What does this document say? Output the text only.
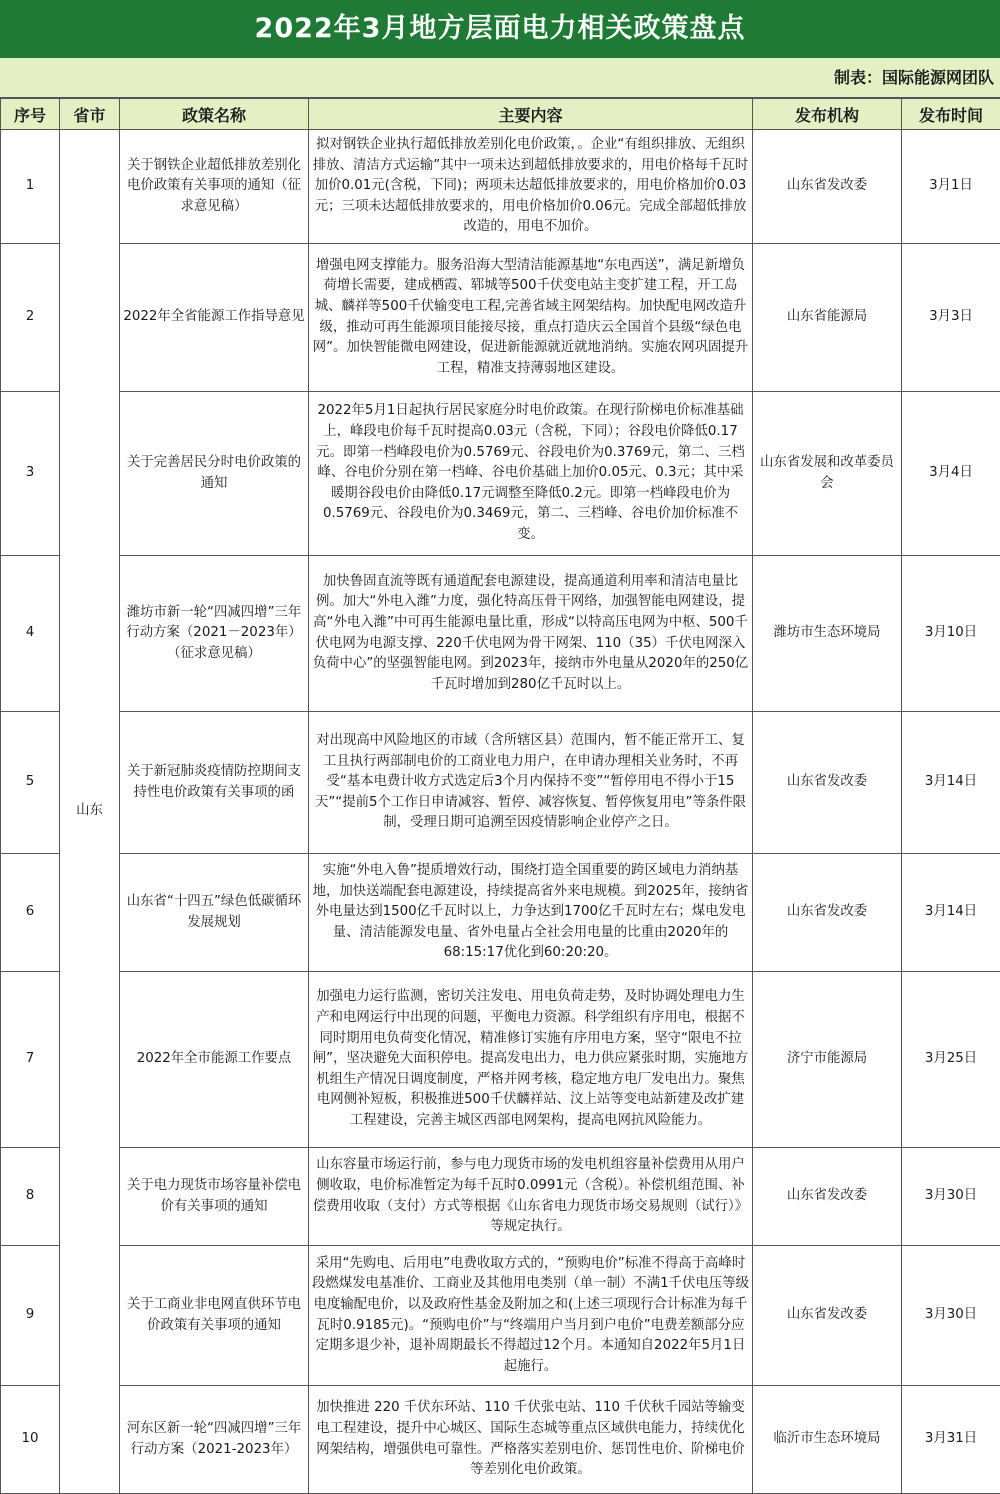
2022年3月地方层面电力相关政策盘点
制表：国际能源网团队
序号	省市	政策名称	主要内容	发布机构	发布时间
1	山东	关于钢铁企业超低排放差别化电价政策有关事项的通知（征求意见稿）	拟对钢铁企业执行超低排放差别化电价政策，。企业“有组织排放、无组织排放、清洁方式运输”其中一项未达到超低排放要求的，用电价格每千瓦时加价0.01元(含税，下同)；两项未达超低排放要求的，用电价格加价0.03元；三项未达超低排放要求的，用电价格加价0.06元。完成全部超低排放改造的，用电不加价。	山东省发改委	3月1日
2		2022年全省能源工作指导意见	增强电网支撑能力。服务沿海大型清洁能源基地“东电西送”，满足新增负荷增长需要，建成栖霞、郓城等500千伏变电站主变扩建工程，开工岛城、麟祥等500千伏输变电工程,完善省域主网架结构。加快配电网改造升级，推动可再生能源项目能接尽接，重点打造庆云全国首个县级“绿色电网”。加快智能微电网建设，促进新能源就近就地消纳。实施农网巩固提升工程，精准支持薄弱地区建设。	山东省能源局	3月3日
3		关于完善居民分时电价政策的通知	2022年5月1日起执行居民家庭分时电价政策。在现行阶梯电价标准基础上，峰段电价每千瓦时提高0.03元（含税，下同）；谷段电价降低0.17元。即第一档峰段电价为0.5769元、谷段电价为0.3769元，第二、三档峰、谷电价分别在第一档峰、谷电价基础上加价0.05元、0.3元；其中采暖期谷段电价由降低0.17元调整至降低0.2元。即第一档峰段电价为0.5769元、谷段电价为0.3469元，第二、三档峰、谷电价加价标准不变。	山东省发展和改革委员会	3月4日
4		潍坊市新一轮“四减四增”三年行动方案（2021－2023年）（征求意见稿）	加快鲁固直流等既有通道配套电源建设，提高通道利用率和清洁电量比例。加大“外电入潍”力度，强化特高压骨干网络，加强智能电网建设，提高“外电入潍”中可再生能源电量比重，形成“以特高压电网为中枢、500千伏电网为电源支撑、220千伏电网为骨干网架、110（35）千伏电网深入负荷中心”的坚强智能电网。到2023年，接纳市外电量从2020年的250亿千瓦时增加到280亿千瓦时以上。	潍坊市生态环境局	3月10日
5		关于新冠肺炎疫情防控期间支持性电价政策有关事项的函	对出现高中风险地区的市域（含所辖区县）范围内，暂不能正常开工、复工且执行两部制电价的工商业电力用户，在申请办理相关业务时，不再受“基本电费计收方式选定后3个月内保持不变”“暂停用电不得小于15天”“提前5个工作日申请减容、暂停、减容恢复、暂停恢复用电”等条件限制，受理日期可追溯至因疫情影响企业停产之日。	山东省发改委	3月14日
6		山东省“十四五”绿色低碳循环发展规划	实施“外电入鲁”提质增效行动，围绕打造全国重要的跨区域电力消纳基地，加快送端配套电源建设，持续提高省外来电规模。到2025年，接纳省外电量达到1500亿千瓦时以上，力争达到1700亿千瓦时左右；煤电发电量、清洁能源发电量、省外电量占全社会用电量的比重由2020年的68:15:17优化到60:20:20。	山东省发改委	3月14日
7		2022年全市能源工作要点	加强电力运行监测，密切关注发电、用电负荷走势，及时协调处理电力生产和电网运行中出现的问题，平衡电力资源。科学组织有序用电，根据不同时期用电负荷变化情况，精准修订实施有序用电方案，坚守“限电不拉闸”，坚决避免大面积停电。提高发电出力，电力供应紧张时期，实施地方机组生产情况日调度制度，严格并网考核，稳定地方电厂发电出力。聚焦电网侧补短板，积极推进500千伏麟祥站、汶上站等变电站新建及改扩建工程建设，完善主城区西部电网架构，提高电网抗风险能力。	济宁市能源局	3月25日
8		关于电力现货市场容量补偿电价有关事项的通知	山东容量市场运行前，参与电力现货市场的发电机组容量补偿费用从用户侧收取，电价标准暂定为每千瓦时0.0991元（含税）。补偿机组范围、补偿费用收取（支付）方式等根据《山东省电力现货市场交易规则（试行）》等规定执行。	山东省发改委	3月30日
9		关于工商业非电网直供环节电价政策有关事项的通知	采用“先购电、后用电”电费收取方式的，“预购电价”标准不得高于高峰时段燃煤发电基准价、工商业及其他用电类别（单一制）不满1千伏电压等级电度输配电价，以及政府性基金及附加之和(上述三项现行合计标准为每千瓦时0.9185元)。“预购电价”与“终端用户当月到户电价”电费差额部分应定期多退少补，退补周期最长不得超过12个月。本通知自2022年5月1日起施行。	山东省发改委	3月30日
10		河东区新一轮“四减四增”三年行动方案（2021-2023年）	加快推进 220 千伏东环站、110 千伏张屯站、110 千伏秋千园站等输变电工程建设，提升中心城区、国际生态城等重点区域供电能力，持续优化网架结构，增强供电可靠性。严格落实差别电价、惩罚性电价、阶梯电价等差别化电价政策。	临沂市生态环境局	3月31日
